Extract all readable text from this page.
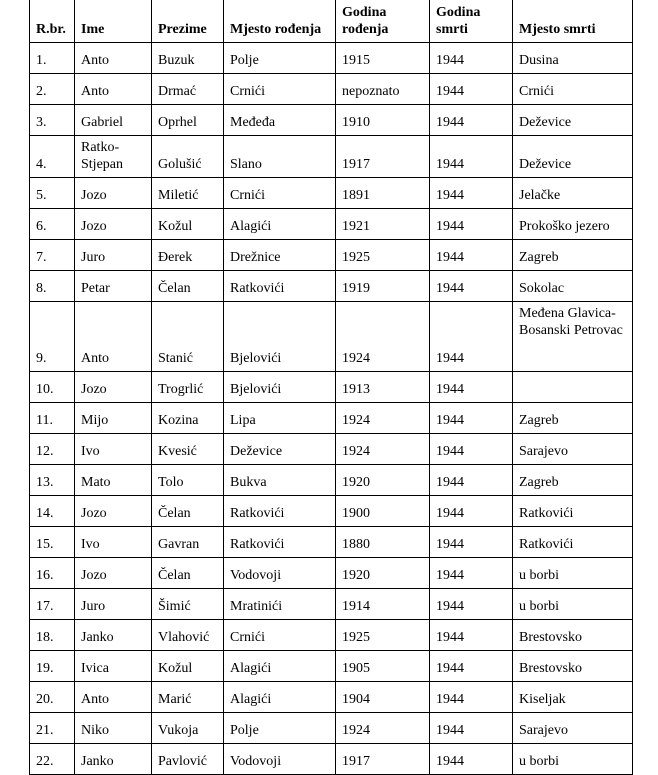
R.br.	Ime	Prezime	Mjesto rođenja	Godina rođenja	Godina smrti	Mjesto smrti
1.	Anto	Buzuk	Polje	1915	1944	Dusina
2.	Anto	Drmać	Crnići	nepoznato	1944	Crnići
3.	Gabriel	Oprhel	Međeđa	1910	1944	Deževice
4.	Ratko-Stjepan	Golušić	Slano	1917	1944	Deževice
5.	Jozo	Miletić	Crnići	1891	1944	Jelačke
6.	Jozo	Kožul	Alagići	1921	1944	Prokoško jezero
7.	Juro	Đerek	Drežnice	1925	1944	Zagreb
8.	Petar	Čelan	Ratkovići	1919	1944	Sokolac
9.	Anto	Stanić	Bjelovići	1924	1944	Međena Glavica-Bosanski Petrovac
10.	Jozo	Trogrlić	Bjelovići	1913	1944	
11.	Mijo	Kozina	Lipa	1924	1944	Zagreb
12.	Ivo	Kvesić	Deževice	1924	1944	Sarajevo
13.	Mato	Tolo	Bukva	1920	1944	Zagreb
14.	Jozo	Čelan	Ratkovići	1900	1944	Ratkovići
15.	Ivo	Gavran	Ratkovići	1880	1944	Ratkovići
16.	Jozo	Čelan	Vodovoji	1920	1944	u borbi
17.	Juro	Šimić	Mratinići	1914	1944	u borbi
18.	Janko	Vlahović	Crnići	1925	1944	Brestovsko
19.	Ivica	Kožul	Alagići	1905	1944	Brestovsko
20.	Anto	Marić	Alagići	1904	1944	Kiseljak
21.	Niko	Vukoja	Polje	1924	1944	Sarajevo
22.	Janko	Pavlović	Vodovoji	1917	1944	u borbi
